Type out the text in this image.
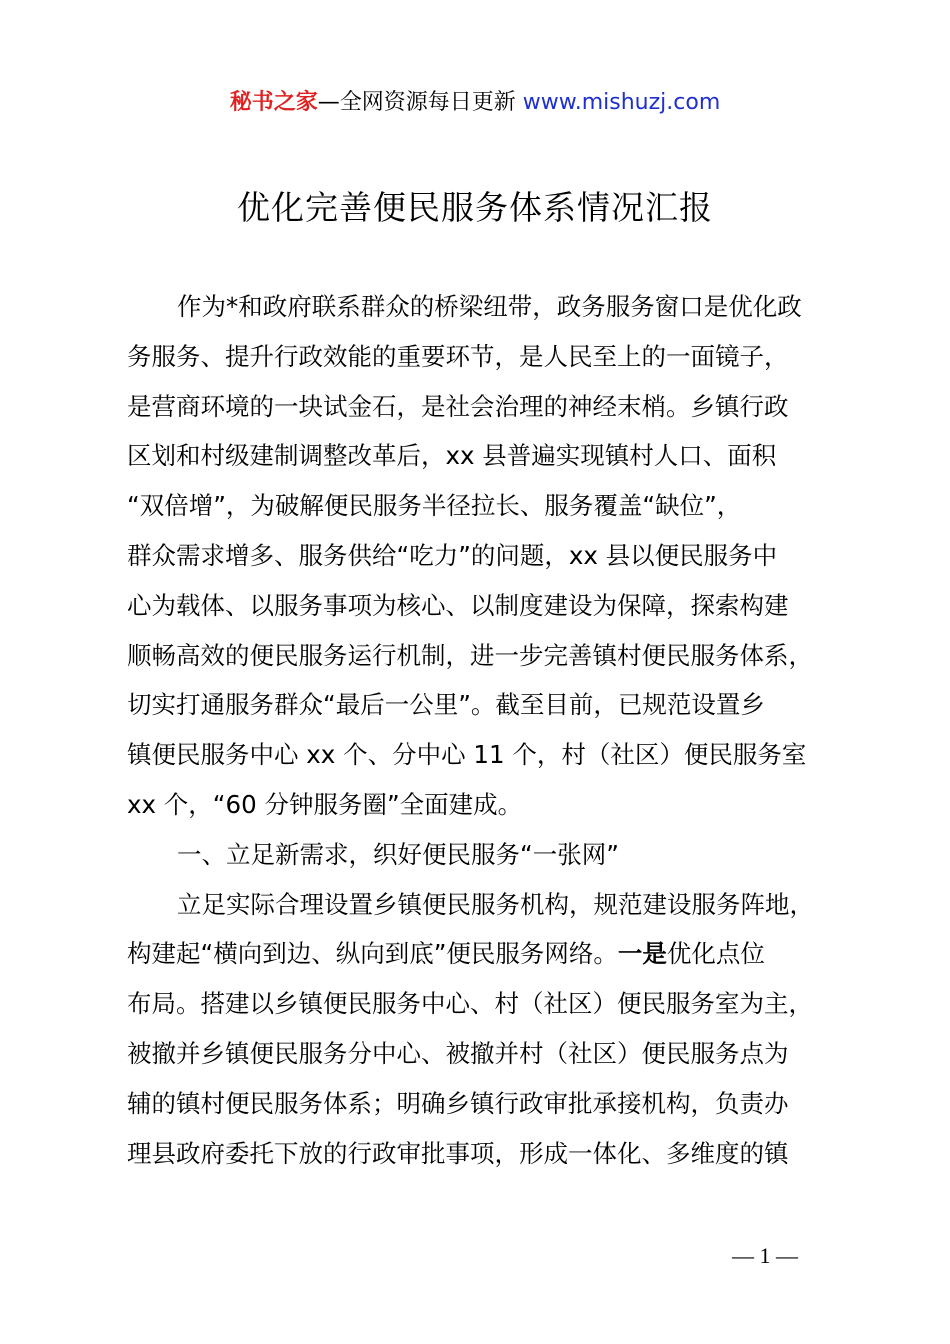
秘书之家—全网资源每日更新 www.mishuzj.com
优化完善便民服务体系情况汇报
作为*和政府联系群众的桥梁纽带，政务服务窗口是优化政
务服务、提升行政效能的重要环节，是人民至上的一面镜子，
是营商环境的一块试金石，是社会治理的神经末梢。乡镇行政
区划和村级建制调整改革后，xx 县普遍实现镇村人口、面积
“双倍增”，为破解便民服务半径拉长、服务覆盖“缺位”，
群众需求增多、服务供给“吃力”的问题，xx 县以便民服务中
心为载体、以服务事项为核心、以制度建设为保障，探索构建
顺畅高效的便民服务运行机制，进一步完善镇村便民服务体系，
切实打通服务群众“最后一公里”。截至目前，已规范设置乡
镇便民服务中心 xx 个、分中心 11 个，村（社区）便民服务室
xx 个，“60 分钟服务圈”全面建成。
一、立足新需求，织好便民服务“一张网”
立足实际合理设置乡镇便民服务机构，规范建设服务阵地，
构建起“横向到边、纵向到底”便民服务网络。一是优化点位
布局。搭建以乡镇便民服务中心、村（社区）便民服务室为主，
被撤并乡镇便民服务分中心、被撤并村（社区）便民服务点为
辅的镇村便民服务体系；明确乡镇行政审批承接机构，负责办
理县政府委托下放的行政审批事项，形成一体化、多维度的镇
— 1 —
